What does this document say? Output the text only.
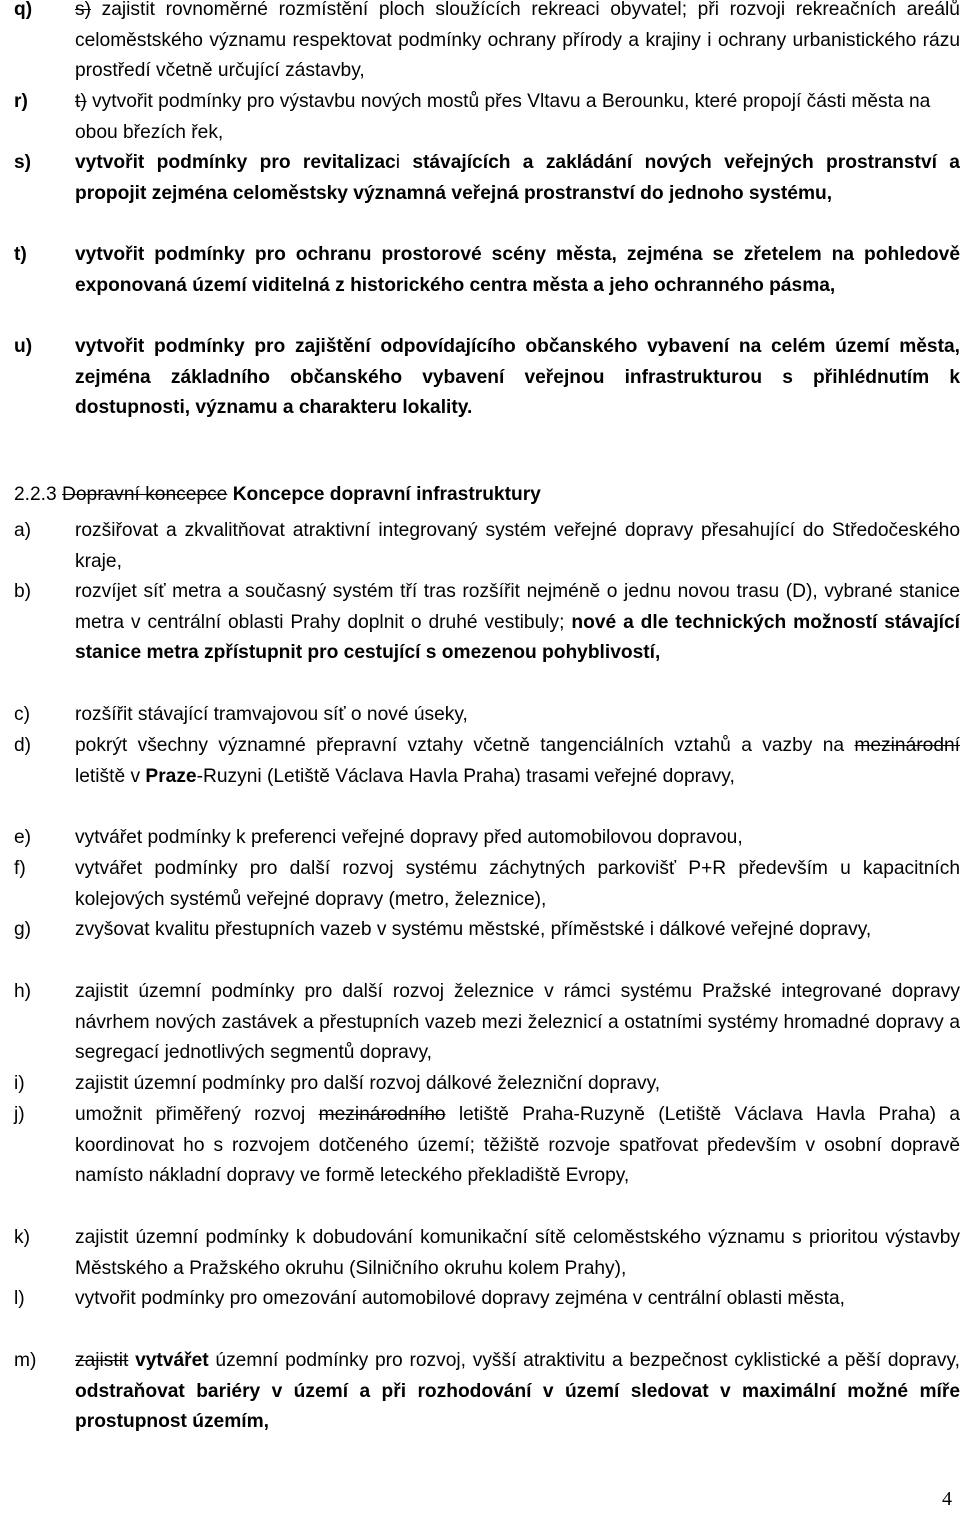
q)	s) zajistit rovnoměrné rozmístění ploch sloužících rekreaci obyvatel; při rozvoji rekreačních areálů celoměstského významu respektovat podmínky ochrany přírody a krajiny i ochrany urbanistického rázu prostředí včetně určující zástavby,
r)	t) vytvořit podmínky pro výstavbu nových mostů přes Vltavu a Berounku, které propojí části města na obou březích řek,
s)	vytvořit podmínky pro revitalizaci stávajících a zakládání nových veřejných prostranství a propojit zejména celoměstsky významná veřejná prostranství do jednoho systému,
t)	vytvořit podmínky pro ochranu prostorové scény města, zejména se zřetelem na pohledově exponovaná území viditelná z historického centra města a jeho ochranného pásma,
u)	vytvořit podmínky pro zajištění odpovídajícího občanského vybavení na celém území města, zejména základního občanského vybavení veřejnou infrastrukturou s přihlédnutím k dostupnosti, významu a charakteru lokality.
2.2.3 Dopravní koncepce Koncepce dopravní infrastruktury
a)	rozšiřovat a zkvalitňovat atraktivní integrovaný systém veřejné dopravy přesahující do Středočeského kraje,
b)	rozvíjet síť metra a současný systém tří tras rozšířit nejméně o jednu novou trasu (D), vybrané stanice metra v centrální oblasti Prahy doplnit o druhé vestibuly; nové a dle technických možností stávající stanice metra zpřístupnit pro cestující s omezenou pohyblivostí,
c)	rozšířit stávající tramvajovou síť o nové úseky,
d)	pokrýt všechny významné přepravní vztahy včetně tangenciálních vztahů a vazby na mezinárodní letiště v Praze-Ruzyni (Letiště Václava Havla Praha) trasami veřejné dopravy,
e)	vytvářet podmínky k preferenci veřejné dopravy před automobilovou dopravou,
f)	vytvářet podmínky pro další rozvoj systému záchytných parkovišť P+R především u kapacitních kolejových systémů veřejné dopravy (metro, železnice),
g)	zvyšovat kvalitu přestupních vazeb v systému městské, příměstské i dálkové veřejné dopravy,
h)	zajistit územní podmínky pro další rozvoj železnice v rámci systému Pražské integrované dopravy návrhem nových zastávek a přestupních vazeb mezi železnicí a ostatními systémy hromadné dopravy a segregací jednotlivých segmentů dopravy,
i)	zajistit územní podmínky pro další rozvoj dálkové železniční dopravy,
j)	umožnit přiměřený rozvoj mezinárodního letiště Praha-Ruzyně (Letiště Václava Havla Praha) a koordinovat ho s rozvojem dotčeného území; těžiště rozvoje spatřovat především v osobní dopravě namísto nákladní dopravy ve formě leteckého překladiště Evropy,
k)	zajistit územní podmínky k dobudování komunikační sítě celoměstského významu s prioritou výstavby Městského a Pražského okruhu (Silničního okruhu kolem Prahy),
l)	vytvořit podmínky pro omezování automobilové dopravy zejména v centrální oblasti města,
m)	zajistit vytvářet územní podmínky pro rozvoj, vyšší atraktivitu a bezpečnost cyklistické a pěší dopravy, odstraňovat bariéry v území a při rozhodování v území sledovat v maximální možné míře prostupnost územím,
4
